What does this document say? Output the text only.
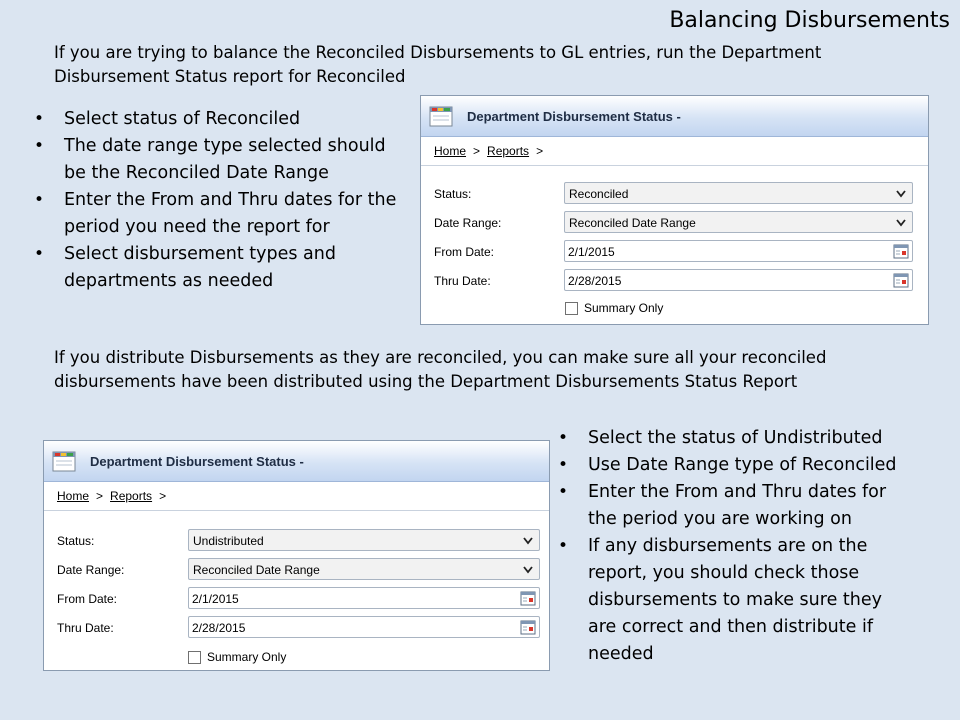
Balancing Disbursements
If you are trying to balance the Reconciled Disbursements to GL entries, run the Department Disbursement Status report for Reconciled
• Select status of Reconciled
• The date range type selected should be the Reconciled Date Range
• Enter the From and Thru dates for the period you need the report for
• Select disbursement types and departments as needed
Department Disbursement Status -
Home > Reports >
Status:	Reconciled
Date Range:	Reconciled Date Range
From Date:	2/1/2015
Thru Date:	2/28/2015
Summary Only
If you distribute Disbursements as they are reconciled, you can make sure all your reconciled disbursements have been distributed using the Department Disbursements Status Report
Department Disbursement Status -
Home > Reports >
Status:	Undistributed
Date Range:	Reconciled Date Range
From Date:	2/1/2015
Thru Date:	2/28/2015
Summary Only
• Select the status of Undistributed
• Use Date Range type of Reconciled
• Enter the From and Thru dates for the period you are working on
• If any disbursements are on the report, you should check those disbursements to make sure they are correct and then distribute if needed
